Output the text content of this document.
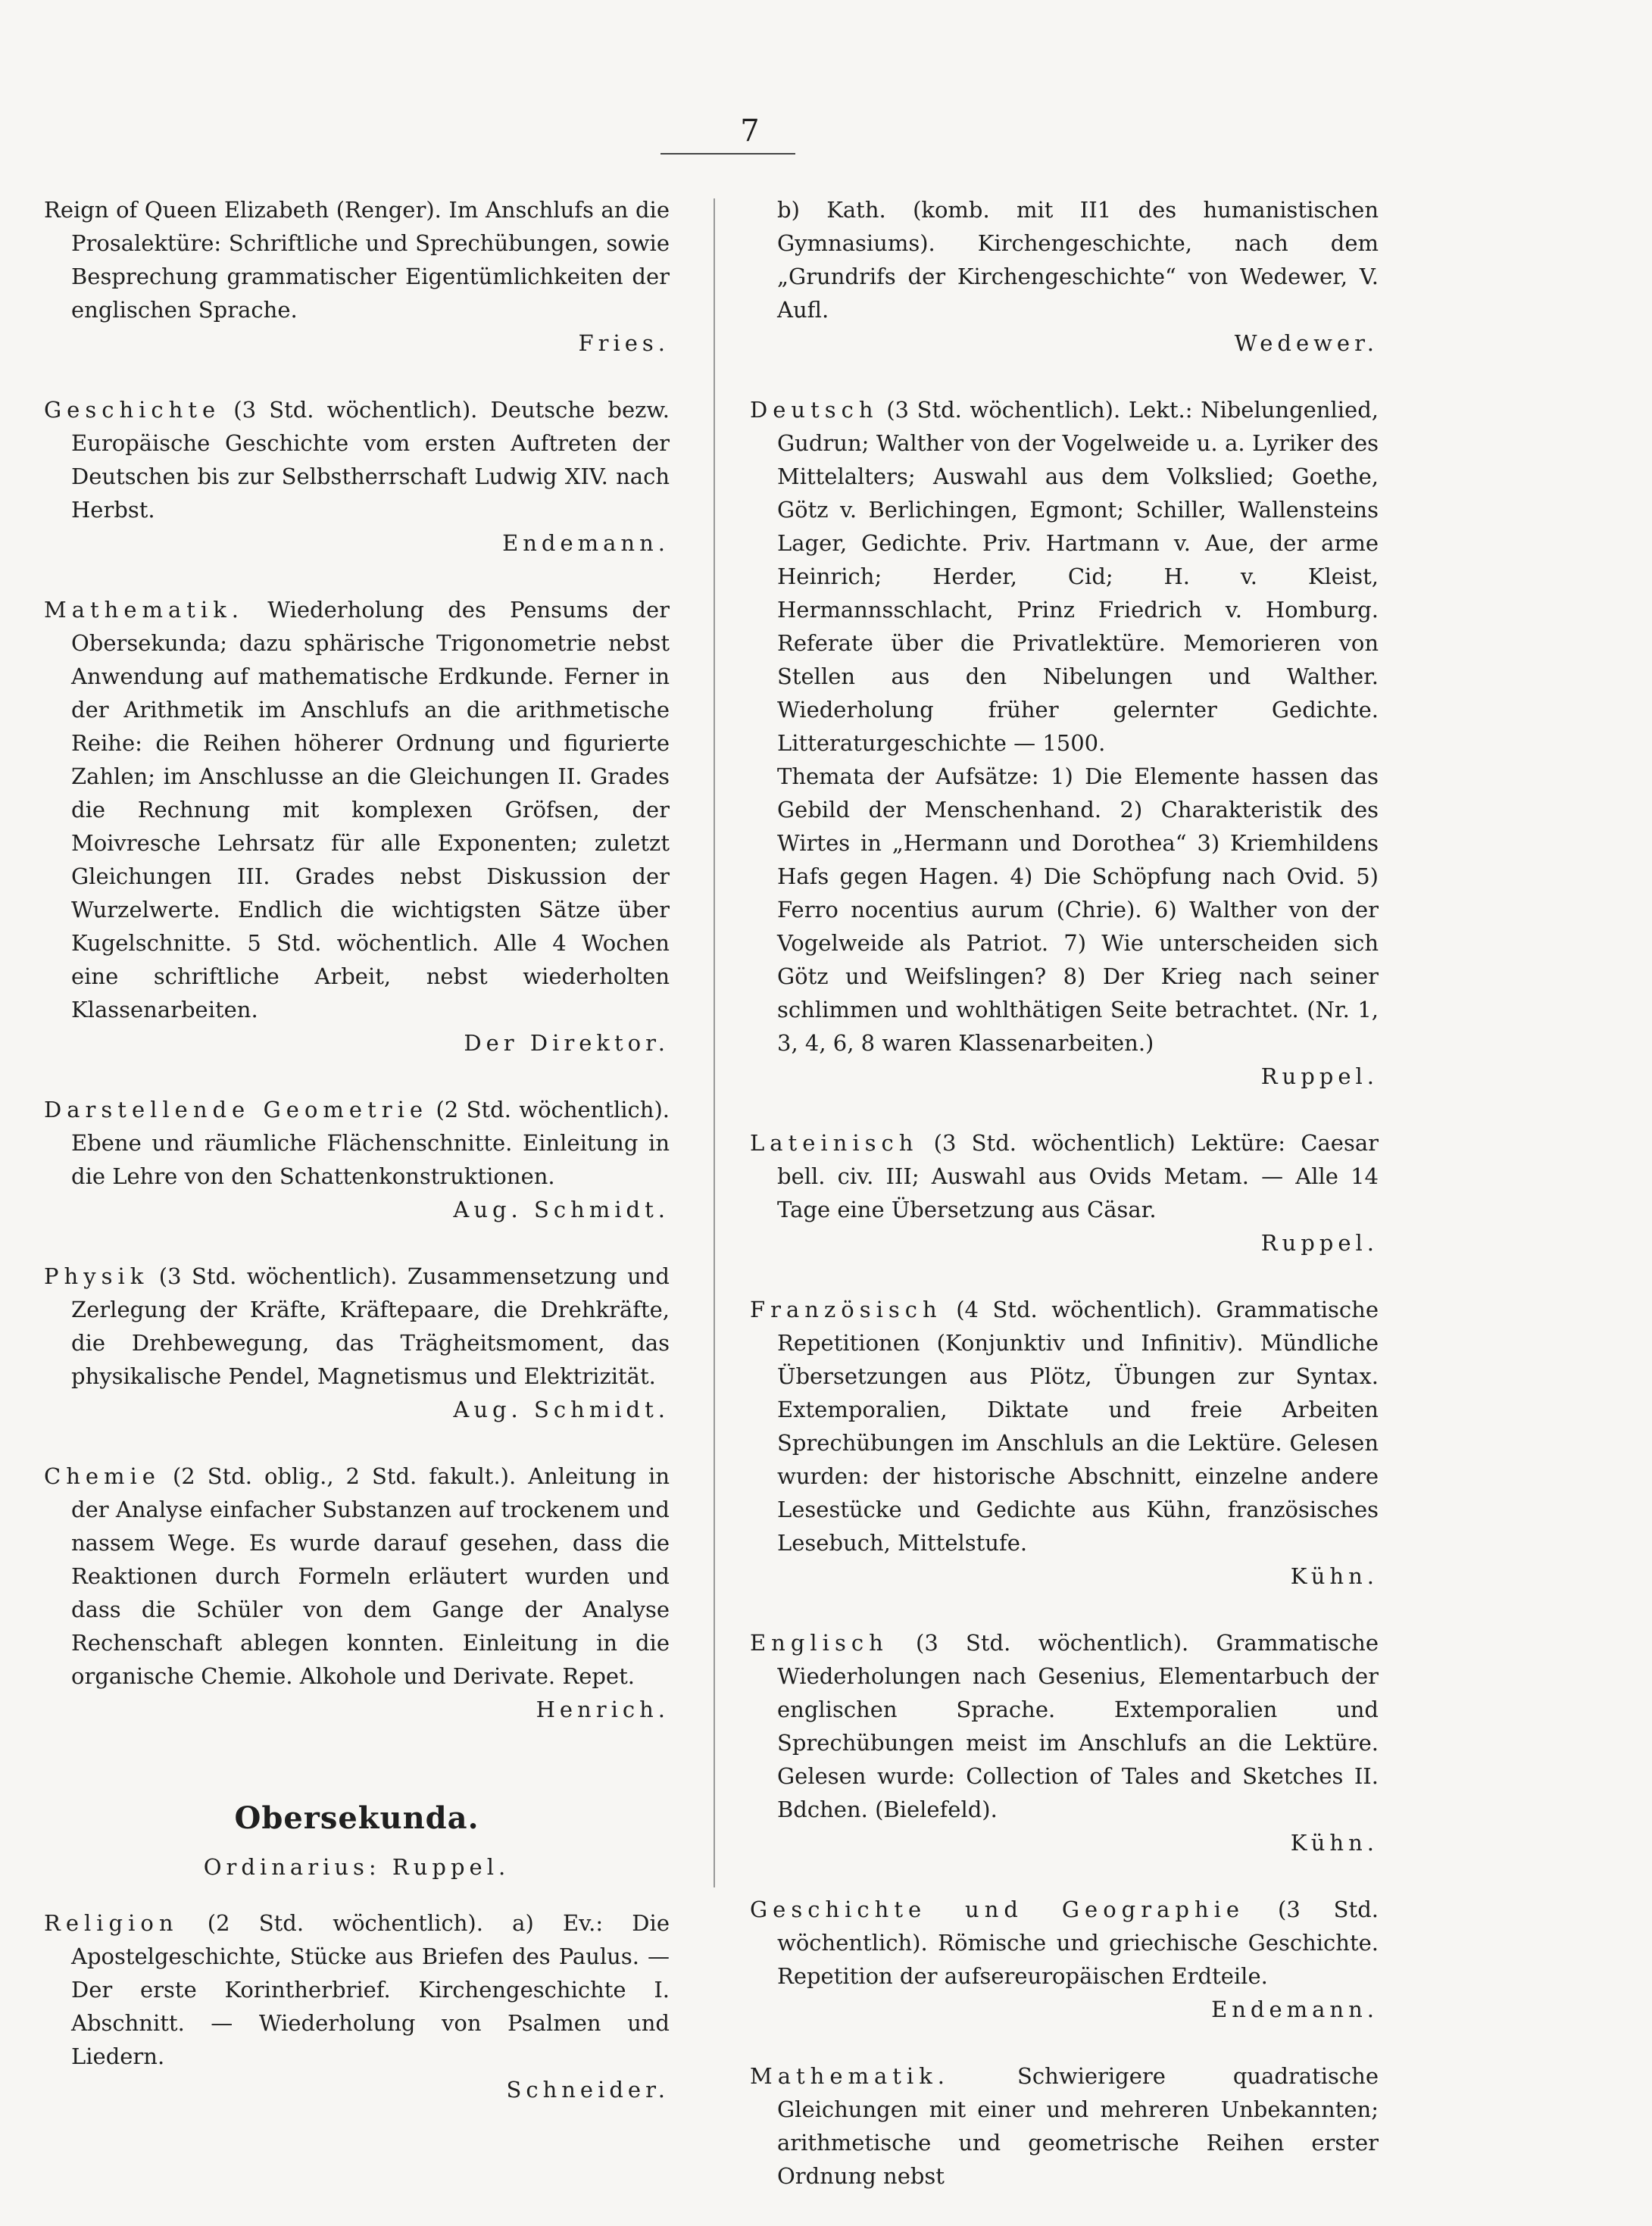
7

Reign of Queen Elizabeth (Renger). Im Anschlufs an die Prosalektüre: Schriftliche und Sprechübungen, sowie Besprechung grammatischer Eigentümlichkeiten der englischen Sprache.
Fries.

Geschichte (3 Std. wöchentlich). Deutsche bezw. Europäische Geschichte vom ersten Auftreten der Deutschen bis zur Selbstherrschaft Ludwig XIV. nach Herbst.
Endemann.

Mathematik. Wiederholung des Pensums der Obersekunda; dazu sphärische Trigonometrie nebst Anwendung auf mathematische Erdkunde. Ferner in der Arithmetik im Anschlufs an die arithmetische Reihe: die Reihen höherer Ordnung und figurierte Zahlen; im Anschlusse an die Gleichungen II. Grades die Rechnung mit komplexen Gröfsen, der Moivresche Lehrsatz für alle Exponenten; zuletzt Gleichungen III. Grades nebst Diskussion der Wurzelwerte. Endlich die wichtigsten Sätze über Kugelschnitte. 5 Std. wöchentlich. Alle 4 Wochen eine schriftliche Arbeit, nebst wiederholten Klassenarbeiten.
Der Direktor.

Darstellende Geometrie (2 Std. wöchentlich). Ebene und räumliche Flächenschnitte. Einleitung in die Lehre von den Schattenkonstruktionen.
Aug. Schmidt.

Physik (3 Std. wöchentlich). Zusammensetzung und Zerlegung der Kräfte, Kräftepaare, die Drehkräfte, die Drehbewegung, das Trägheitsmoment, das physikalische Pendel, Magnetismus und Elektrizität.
Aug. Schmidt.

Chemie (2 Std. oblig., 2 Std. fakult.). Anleitung in der Analyse einfacher Substanzen auf trockenem und nassem Wege. Es wurde darauf gesehen, dass die Reaktionen durch Formeln erläutert wurden und dass die Schüler von dem Gange der Analyse Rechenschaft ablegen konnten. Einleitung in die organische Chemie. Alkohole und Derivate. Repet.
Henrich.

Obersekunda.
Ordinarius: Ruppel.

Religion (2 Std. wöchentlich). a) Ev.: Die Apostelgeschichte, Stücke aus Briefen des Paulus. — Der erste Korintherbrief. Kirchengeschichte I. Abschnitt. — Wiederholung von Psalmen und Liedern.
Schneider.

b) Kath. (komb. mit II1 des humanistischen Gymnasiums). Kirchengeschichte, nach dem „Grundrifs der Kirchengeschichte“ von Wedewer, V. Aufl.
Wedewer.

Deutsch (3 Std. wöchentlich). Lekt.: Nibelungenlied, Gudrun; Walther von der Vogelweide u. a. Lyriker des Mittelalters; Auswahl aus dem Volkslied; Goethe, Götz v. Berlichingen, Egmont; Schiller, Wallensteins Lager, Gedichte. Priv. Hartmann v. Aue, der arme Heinrich; Herder, Cid; H. v. Kleist, Hermannsschlacht, Prinz Friedrich v. Homburg. Referate über die Privatlektüre. Memorieren von Stellen aus den Nibelungen und Walther. Wiederholung früher gelernter Gedichte. Litteraturgeschichte — 1500.

Themata der Aufsätze: 1) Die Elemente hassen das Gebild der Menschenhand. 2) Charakteristik des Wirtes in „Hermann und Dorothea“ 3) Kriemhildens Hafs gegen Hagen. 4) Die Schöpfung nach Ovid. 5) Ferro nocentius aurum (Chrie). 6) Walther von der Vogelweide als Patriot. 7) Wie unterscheiden sich Götz und Weifslingen? 8) Der Krieg nach seiner schlimmen und wohlthätigen Seite betrachtet. (Nr. 1, 3, 4, 6, 8 waren Klassenarbeiten.)
Ruppel.

Lateinisch (3 Std. wöchentlich) Lektüre: Caesar bell. civ. III; Auswahl aus Ovids Metam. — Alle 14 Tage eine Übersetzung aus Cäsar.
Ruppel.

Französisch (4 Std. wöchentlich). Grammatische Repetitionen (Konjunktiv und Infinitiv). Mündliche Übersetzungen aus Plötz, Übungen zur Syntax. Extemporalien, Diktate und freie Arbeiten Sprechübungen im Anschluls an die Lektüre. Gelesen wurden: der historische Abschnitt, einzelne andere Lesestücke und Gedichte aus Kühn, französisches Lesebuch, Mittelstufe.
Kühn.

Englisch (3 Std. wöchentlich). Grammatische Wiederholungen nach Gesenius, Elementarbuch der englischen Sprache. Extemporalien und Sprechübungen meist im Anschlufs an die Lektüre. Gelesen wurde: Collection of Tales and Sketches II. Bdchen. (Bielefeld).
Kühn.

Geschichte und Geographie (3 Std. wöchentlich). Römische und griechische Geschichte. Repetition der aufsereuropäischen Erdteile.
Endemann.

Mathematik.	Schwierigere quadratische Gleichungen mit einer und mehreren Unbekannten; arithmetische und geometrische Reihen erster Ordnung nebst
